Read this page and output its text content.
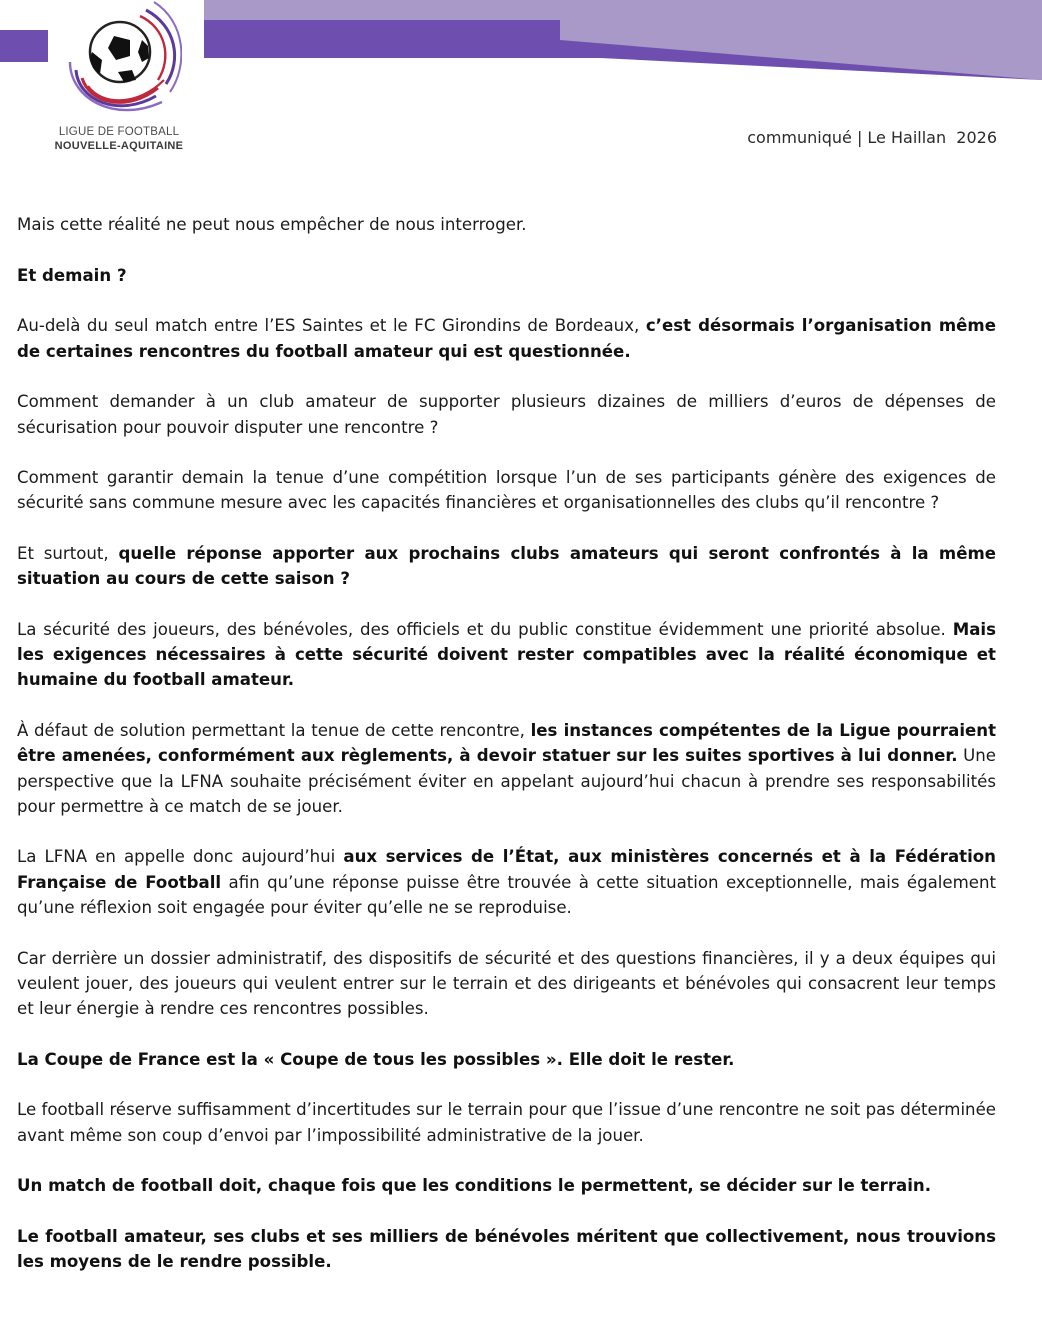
LIGUE DE FOOTBALL
NOUVELLE-AQUITAINE	communiqué | Le Haillan  2026

Mais cette réalité ne peut nous empêcher de nous interroger.

Et demain ?

Au-delà du seul match entre l’ES Saintes et le FC Girondins de Bordeaux, c’est désormais l’organisation même de certaines rencontres du football amateur qui est questionnée.

Comment demander à un club amateur de supporter plusieurs dizaines de milliers d’euros de dépenses de sécurisation pour pouvoir disputer une rencontre ?

Comment garantir demain la tenue d’une compétition lorsque l’un de ses participants génère des exigences de sécurité sans commune mesure avec les capacités financières et organisationnelles des clubs qu’il rencontre ?

Et surtout, quelle réponse apporter aux prochains clubs amateurs qui seront confrontés à la même situation au cours de cette saison ?

La sécurité des joueurs, des bénévoles, des officiels et du public constitue évidemment une priorité absolue. Mais les exigences nécessaires à cette sécurité doivent rester compatibles avec la réalité économique et humaine du football amateur.

À défaut de solution permettant la tenue de cette rencontre, les instances compétentes de la Ligue pourraient être amenées, conformément aux règlements, à devoir statuer sur les suites sportives à lui donner. Une perspective que la LFNA souhaite précisément éviter en appelant aujourd’hui chacun à prendre ses responsabilités pour permettre à ce match de se jouer.

La LFNA en appelle donc aujourd’hui aux services de l’État, aux ministères concernés et à la Fédération Française de Football afin qu’une réponse puisse être trouvée à cette situation exceptionnelle, mais également qu’une réflexion soit engagée pour éviter qu’elle ne se reproduise.

Car derrière un dossier administratif, des dispositifs de sécurité et des questions financières, il y a deux équipes qui veulent jouer, des joueurs qui veulent entrer sur le terrain et des dirigeants et bénévoles qui consacrent leur temps et leur énergie à rendre ces rencontres possibles.

La Coupe de France est la « Coupe de tous les possibles ». Elle doit le rester.

Le football réserve suffisamment d’incertitudes sur le terrain pour que l’issue d’une rencontre ne soit pas déterminée avant même son coup d’envoi par l’impossibilité administrative de la jouer.

Un match de football doit, chaque fois que les conditions le permettent, se décider sur le terrain.

Le football amateur, ses clubs et ses milliers de bénévoles méritent que collectivement, nous trouvions les moyens de le rendre possible.
